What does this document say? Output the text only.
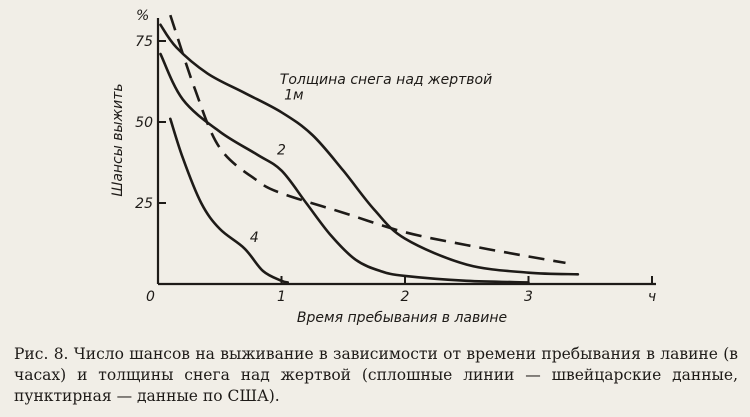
%
Шансы выжить
Время пребывания в лавине
Толщина снега над жертвой
0	1	2	3	ч
25
50
75
1м
2
4

Рис. 8. Число шансов на выживание в зависимости от времени пребывания в лавине (в часах) и толщины снега над жертвой (сплошные линии — швейцарские данные, пунктирная — данные по США).
